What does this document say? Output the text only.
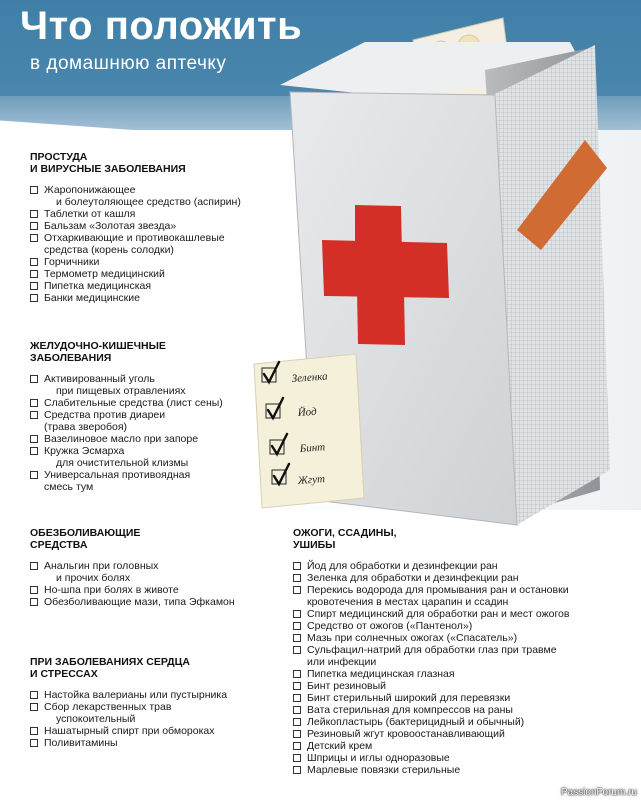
Что положить
в домашнюю аптечку
Зеленка
Йод
Бинт
Жгут
ПРОСТУДА
И ВИРУСНЫЕ ЗАБОЛЕВАНИЯ
Жаропонижающее
и болеутоляющее средство (аспирин)
Таблетки от кашля
Бальзам «Золотая звезда»
Отхаркивающие и противокашлевые
средства (корень солодки)
Горчичники
Термометр медицинский
Пипетка медицинская
Банки медицинские
ЖЕЛУДОЧНО-КИШЕЧНЫЕ
ЗАБОЛЕВАНИЯ
Активированный уголь
при пищевых отравлениях
Слабительные средства (лист сены)
Средства против диареи
(трава зверобоя)
Вазелиновое масло при запоре
Кружка Эсмарха
для очистительной клизмы
Универсальная противоядная
смесь тум
ОБЕЗБОЛИВАЮЩИЕ
СРЕДСТВА
Анальгин при головных
и прочих болях
Но-шпа при болях в животе
Обезболивающие мази, типа Эфкамон
ПРИ ЗАБОЛЕВАНИЯХ СЕРДЦА
И СТРЕССАХ
Настойка валерианы или пустырника
Сбор лекарственных трав
успокоительный
Нашатырный спирт при обмороках
Поливитамины
ОЖОГИ, ССАДИНЫ,
УШИБЫ
Йод для обработки и дезинфекции ран
Зеленка для обработки и дезинфекции ран
Перекись водорода для промывания ран и остановки
кровотечения в местах царапин и ссадин
Спирт медицинский для обработки ран и мест ожогов
Средство от ожогов («Пантенол»)
Мазь при солнечных ожогах («Спасатель»)
Сульфацил-натрий для обработки глаз при травме
или инфекции
Пипетка медицинская глазная
Бинт резиновый
Бинт стерильный широкий для перевязки
Вата стерильная для компрессов на раны
Лейкопластырь (бактерицидный и обычный)
Резиновый жгут кровоостанавливающий
Детский крем
Шприцы и иглы одноразовые
Марлевые повязки стерильные
PassionForum.ru
